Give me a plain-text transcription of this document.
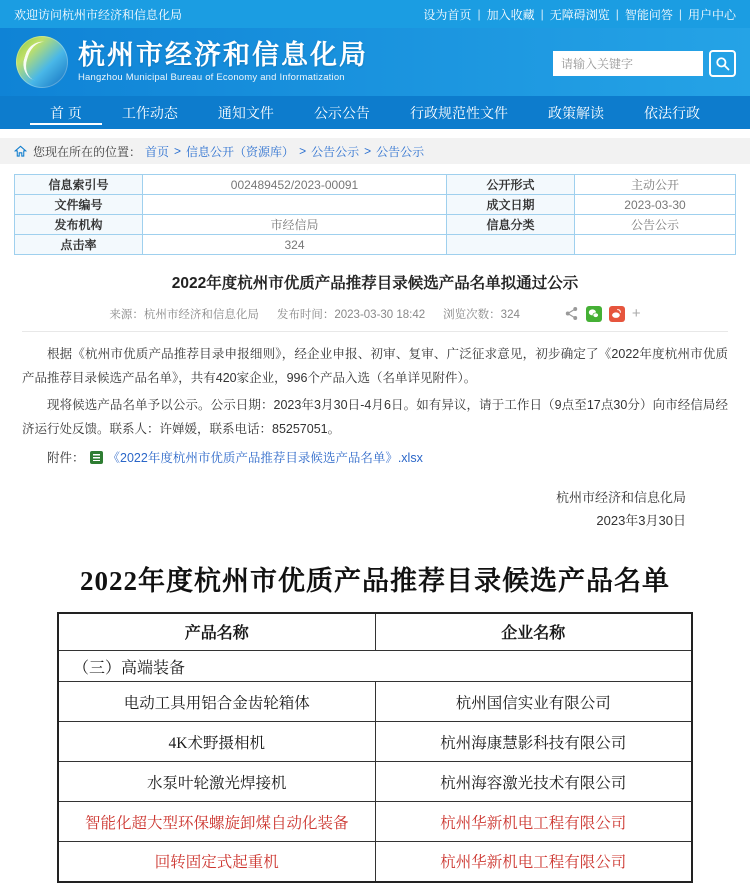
欢迎访问杭州市经济和信息化局	设为首页 | 加入收藏 | 无障碍浏览 | 智能问答 | 用户中心
杭州市经济和信息化局
Hangzhou Municipal Bureau of Economy and Informatization
请输入关键字
首 页	工作动态	通知文件	公示公告	行政规范性文件	政策解读	依法行政
您现在所在的位置： 首页 > 信息公开（资源库） > 公告公示 > 公告公示
信息索引号	002489452/2023-00091	公开形式	主动公开
文件编号		成文日期	2023-03-30
发布机构	市经信局	信息分类	公告公示
点击率	324		
2022年度杭州市优质产品推荐目录候选产品名单拟通过公示
来源：杭州市经济和信息化局 发布时间：2023-03-30 18:42 浏览次数：324	+

根据《杭州市优质产品推荐目录申报细则》，经企业申报、初审、复审、广泛征求意见，初步确定了《2022年度杭州市优质产品推荐目录候选产品名单》，共有420家企业，996个产品入选（名单详见附件）。

现将候选产品名单予以公示。公示日期：2023年3月30日-4月6日。如有异议，请于工作日（9点至17点30分）向市经信局经济运行处反馈。联系人：许婵媛，联系电话：85257051。

附件： 《2022年度杭州市优质产品推荐目录候选产品名单》.xlsx
杭州市经济和信息化局
2023年3月30日
2022年度杭州市优质产品推荐目录候选产品名单
产品名称	企业名称
（三）高端装备	
电动工具用铝合金齿轮箱体	杭州国信实业有限公司
4K术野摄相机	杭州海康慧影科技有限公司
水泵叶轮激光焊接机	杭州海容激光技术有限公司
智能化超大型环保螺旋卸煤自动化装备	杭州华新机电工程有限公司
回转固定式起重机	杭州华新机电工程有限公司
